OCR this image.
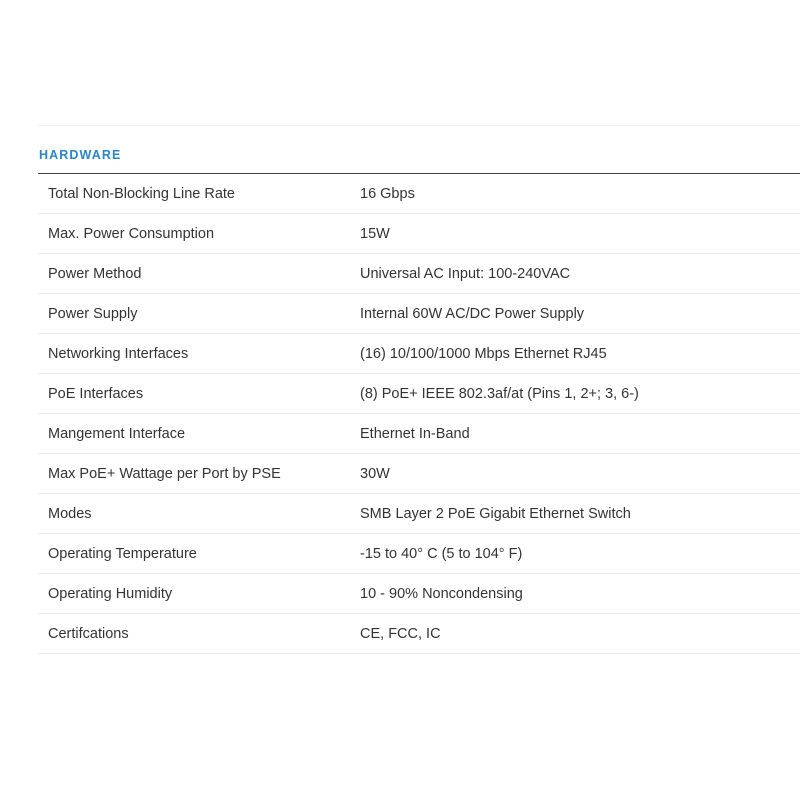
HARDWARE
Total Non-Blocking Line Rate	16 Gbps
Max. Power Consumption	15W
Power Method	Universal AC Input: 100-240VAC
Power Supply	Internal 60W AC/DC Power Supply
Networking Interfaces	(16) 10/100/1000 Mbps Ethernet RJ45
PoE Interfaces	(8) PoE+ IEEE 802.3af/at (Pins 1, 2+; 3, 6-)
Mangement Interface	Ethernet In-Band
Max PoE+ Wattage per Port by PSE	30W
Modes	SMB Layer 2 PoE Gigabit Ethernet Switch
Operating Temperature	-15 to 40° C (5 to 104° F)
Operating Humidity	10 - 90% Noncondensing
Certifcations	CE, FCC, IC
